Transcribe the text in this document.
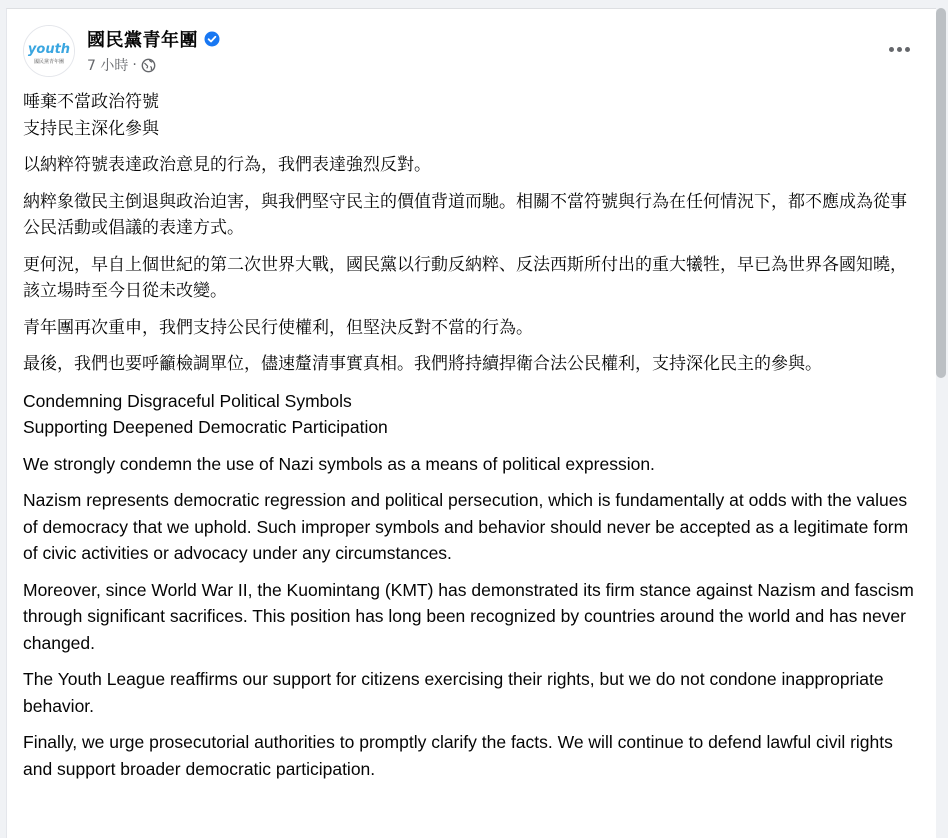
youth
國民黨青年團
國民黨青年團
7 小時 ·

唾棄不當政治符號
支持民主深化參與

以納粹符號表達政治意見的行為，我們表達強烈反對。

納粹象徵民主倒退與政治迫害，與我們堅守民主的價值背道而馳。相關不當符號與行為在任何情況下，都不應成為從事公民活動或倡議的表達方式。

更何況，早自上個世紀的第二次世界大戰，國民黨以行動反納粹、反法西斯所付出的重大犧牲，早已為世界各國知曉，該立場時至今日從未改變。

青年團再次重申，我們支持公民行使權利，但堅決反對不當的行為。

最後，我們也要呼籲檢調單位，儘速釐清事實真相。我們將持續捍衛合法公民權利，支持深化民主的參與。

Condemning Disgraceful Political Symbols
Supporting Deepened Democratic Participation

We strongly condemn the use of Nazi symbols as a means of political expression.

Nazism represents democratic regression and political persecution, which is fundamentally at odds with the values of democracy that we uphold. Such improper symbols and behavior should never be accepted as a legitimate form of civic activities or advocacy under any circumstances.

Moreover, since World War II, the Kuomintang (KMT) has demonstrated its firm stance against Nazism and fascism through significant sacrifices. This position has long been recognized by countries around the world and has never changed.

The Youth League reaffirms our support for citizens exercising their rights, but we do not condone inappropriate behavior.

Finally, we urge prosecutorial authorities to promptly clarify the facts. We will continue to defend lawful civil rights and support broader democratic participation.
